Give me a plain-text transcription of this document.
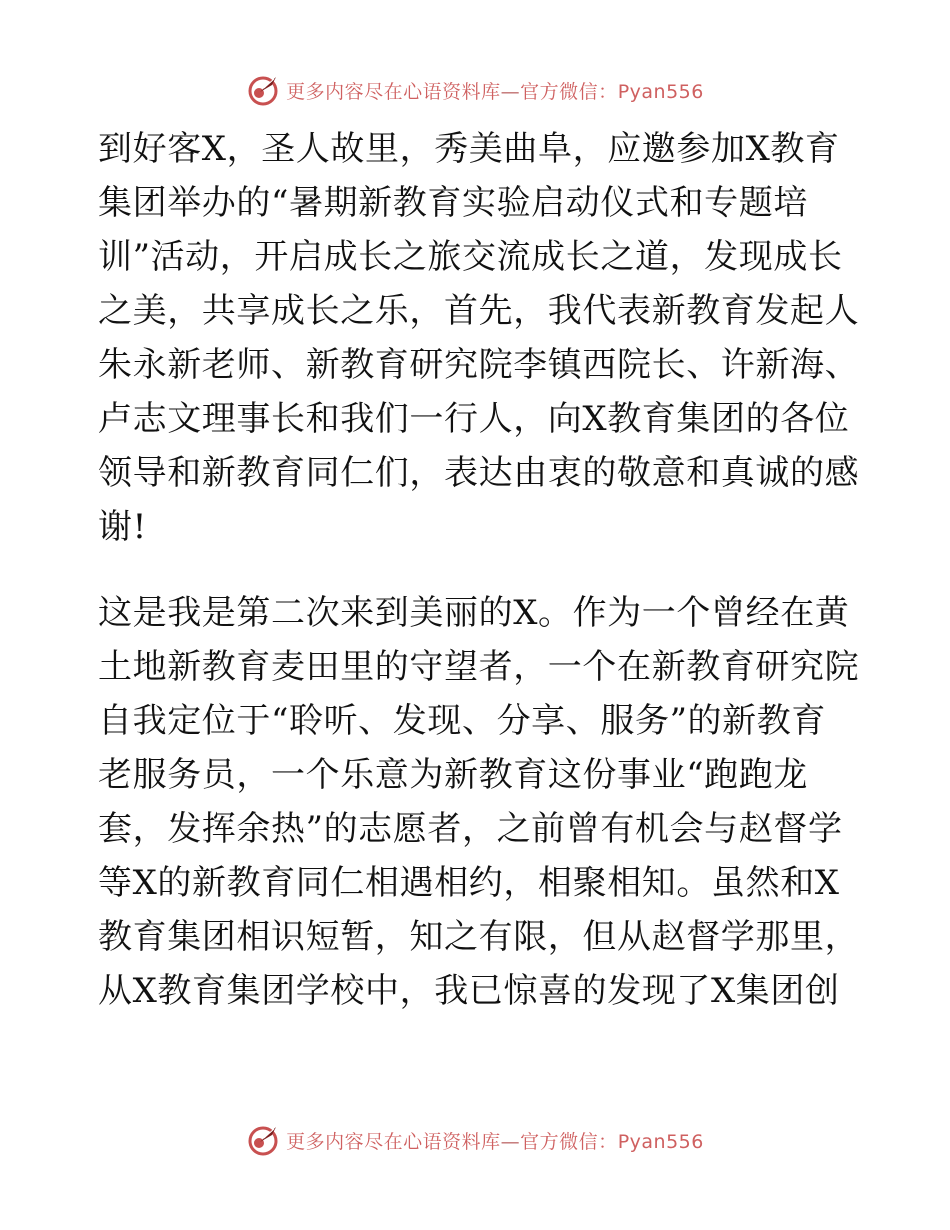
更多内容尽在心语资料库—官方微信：Pyan556
到好客X，圣人故里，秀美曲阜，应邀参加X教育
集团举办的“暑期新教育实验启动仪式和专题培
训”活动，开启成长之旅交流成长之道，发现成长
之美，共享成长之乐，首先，我代表新教育发起人
朱永新老师、新教育研究院李镇西院长、许新海、
卢志文理事长和我们一行人，向X教育集团的各位
领导和新教育同仁们，表达由衷的敬意和真诚的感
谢!
这是我是第二次来到美丽的X。作为一个曾经在黄
土地新教育麦田里的守望者，一个在新教育研究院
自我定位于“聆听、发现、分享、服务”的新教育
老服务员，一个乐意为新教育这份事业“跑跑龙
套，发挥余热”的志愿者，之前曾有机会与赵督学
等X的新教育同仁相遇相约，相聚相知。虽然和X
教育集团相识短暂，知之有限，但从赵督学那里，
从X教育集团学校中，我已惊喜的发现了X集团创
更多内容尽在心语资料库—官方微信：Pyan556
